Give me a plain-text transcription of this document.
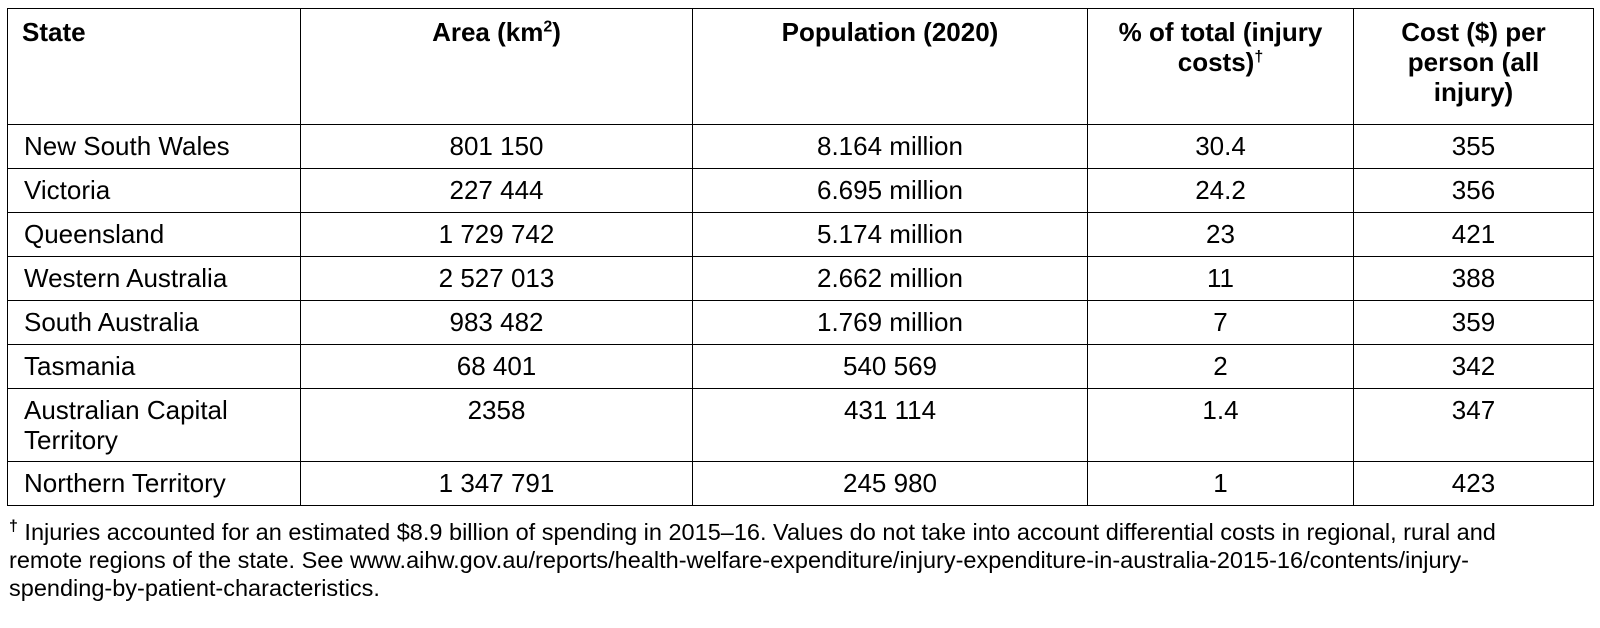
State	Area $(km^2)$	Population (2020)	% of total (injury costs)†	Cost ($) per person (all injury)
New South Wales	801 150	8.164 million	30.4	355
Victoria	227 444	6.695 million	24.2	356
Queensland	1 729 742	5.174 million	23	421
Western Australia	2 527 013	2.662 million	11	388
South Australia	983 482	1.769 million	7	359
Tasmania	68 401	540 569	2	342
Australian Capital Territory	2358	431 114	1.4	347
Northern Territory	1 347 791	245 980	1	423
† Injuries accounted for an estimated $8.9 billion of spending in 2015–16. Values do not take into account differential costs in regional, rural and remote regions of the state. See www.aihw.gov.au/reports/health-welfare-expenditure/injury-expenditure-in-australia-2015-16/contents/injury-spending-by-patient-characteristics.
